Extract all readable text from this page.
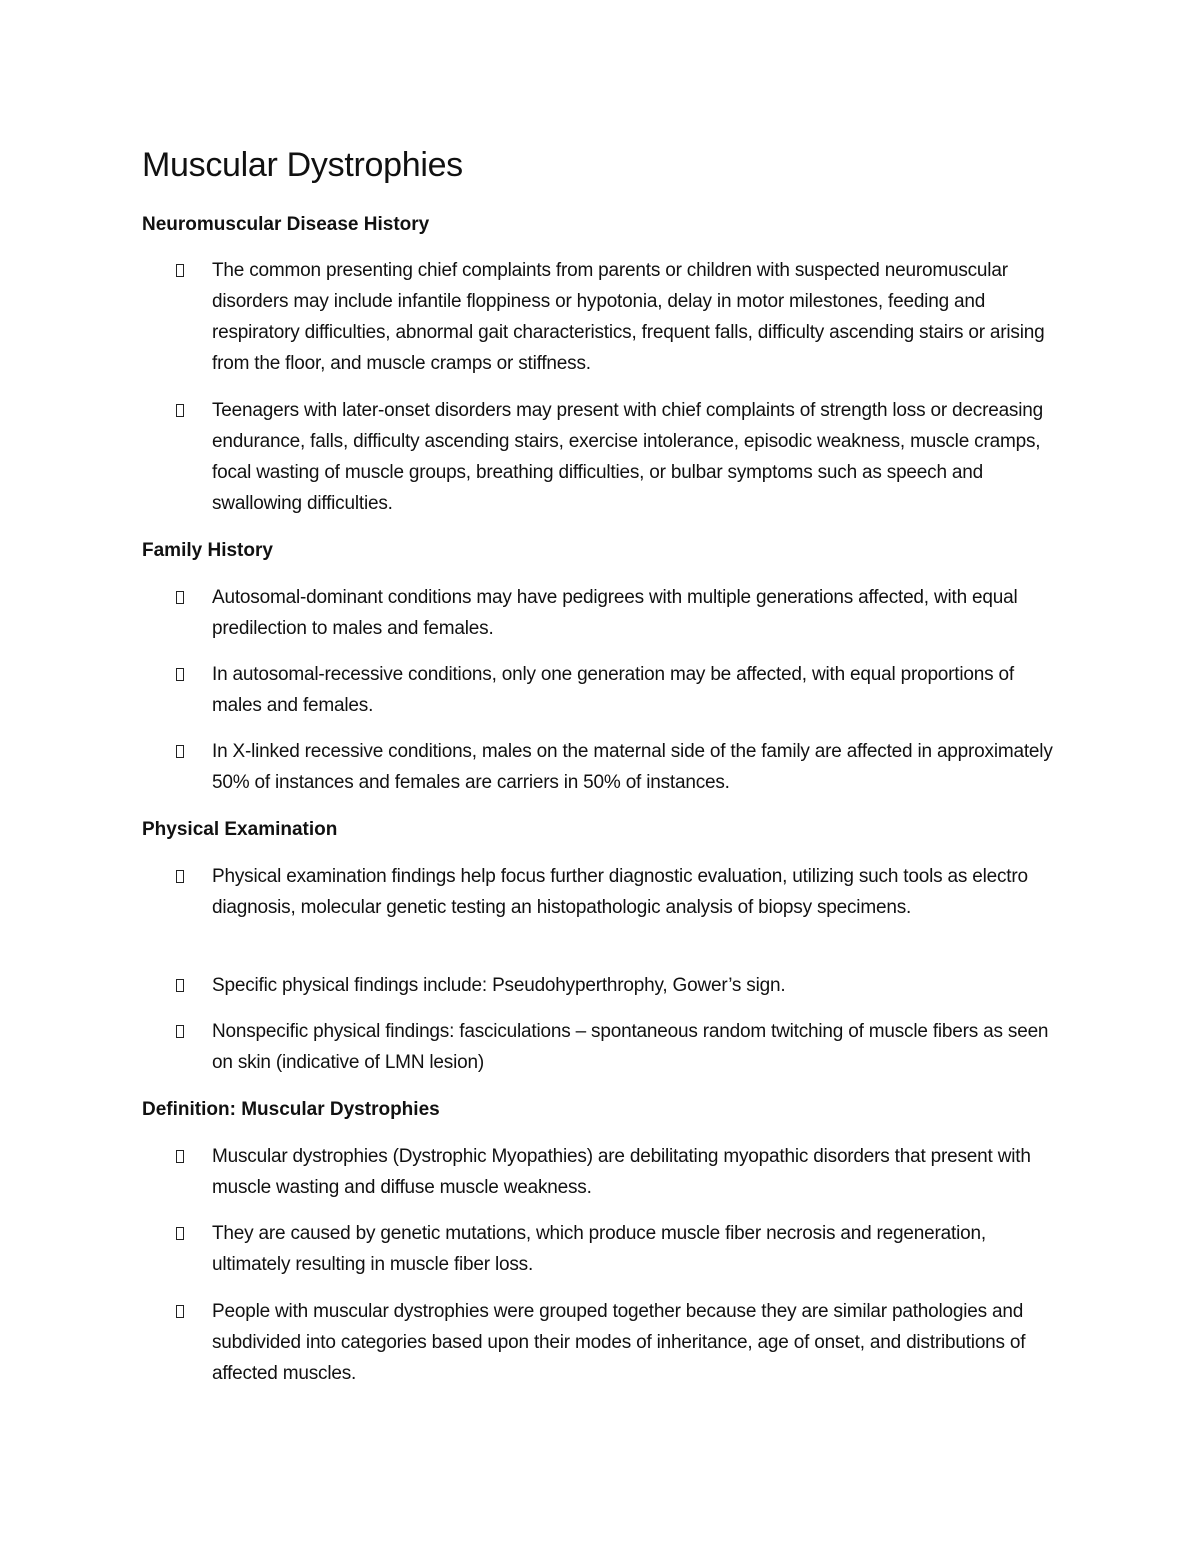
Muscular Dystrophies
Neuromuscular Disease History
The common presenting chief complaints from parents or children with suspected neuromuscular disorders may include infantile floppiness or hypotonia, delay in motor milestones, feeding and respiratory difficulties, abnormal gait characteristics, frequent falls, difficulty ascending stairs or arising from the floor, and muscle cramps or stiffness.
Teenagers with later-onset disorders may present with chief complaints of strength loss or decreasing endurance, falls, difficulty ascending stairs, exercise intolerance, episodic weakness, muscle cramps, focal wasting of muscle groups, breathing difficulties, or bulbar symptoms such as speech and swallowing difficulties.
Family History
Autosomal-dominant conditions may have pedigrees with multiple generations affected, with equal predilection to males and females.
In autosomal-recessive conditions, only one generation may be affected, with equal proportions of males and females.
In X-linked recessive conditions, males on the maternal side of the family are affected in approximately 50% of instances and females are carriers in 50% of instances.
Physical Examination
Physical examination findings help focus further diagnostic evaluation, utilizing such tools as electro diagnosis, molecular genetic testing an histopathologic analysis of biopsy specimens.
Specific physical findings include: Pseudohyperthrophy, Gower’s sign.
Nonspecific physical findings: fasciculations – spontaneous random twitching of muscle fibers as seen on skin (indicative of LMN lesion)
Definition: Muscular Dystrophies
Muscular dystrophies (Dystrophic Myopathies) are debilitating myopathic disorders that present with muscle wasting and diffuse muscle weakness.
They are caused by genetic mutations, which produce muscle fiber necrosis and regeneration, ultimately resulting in muscle fiber loss.
People with muscular dystrophies were grouped together because they are similar pathologies and subdivided into categories based upon their modes of inheritance, age of onset, and distributions of affected muscles.
